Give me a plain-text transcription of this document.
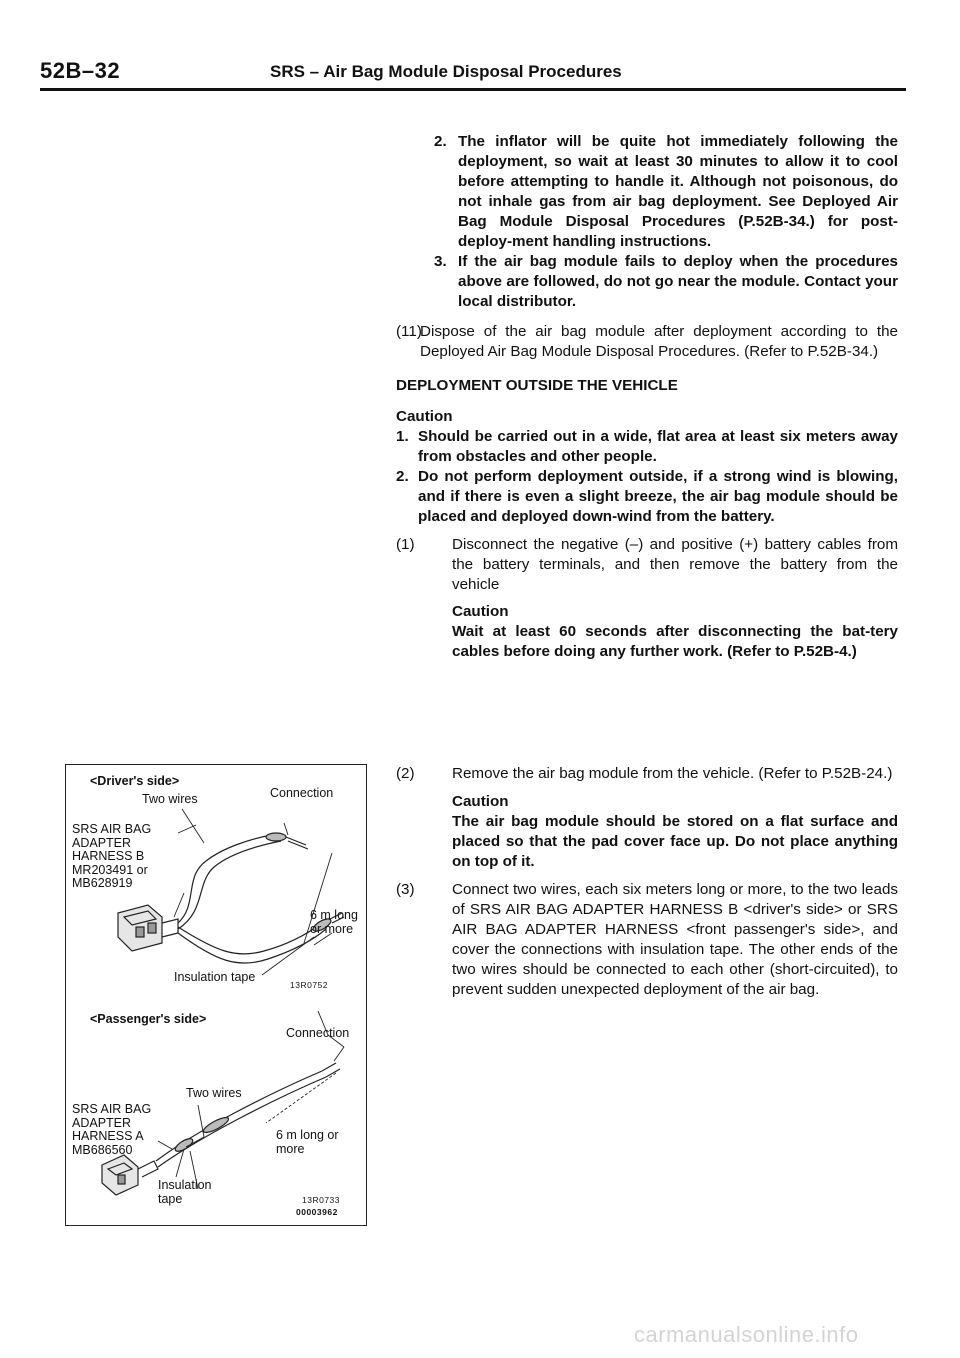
52B–32	SRS – Air Bag Module Disposal Procedures
2. The inflator will be quite hot immediately following the deployment, so wait at least 30 minutes to allow it to cool before attempting to handle it. Although not poisonous, do not inhale gas from air bag deployment. See Deployed Air Bag Module Disposal Procedures (P.52B-34.) for post-deploy-ment handling instructions.
3. If the air bag module fails to deploy when the procedures above are followed, do not go near the module. Contact your local distributor.
(11)
Dispose of the air bag module after deployment according to the Deployed Air Bag Module Disposal Procedures. (Refer to P.52B-34.)
DEPLOYMENT OUTSIDE THE VEHICLE
Caution
1. Should be carried out in a wide, flat area at least six meters away from obstacles and other people.
2. Do not perform deployment outside, if a strong wind is blowing, and if there is even a slight breeze, the air bag module should be placed and deployed down-wind from the battery.
(1) Disconnect the negative (–) and positive (+) battery cables from the battery terminals, and then remove the battery from the vehicle
Caution
Wait at least 60 seconds after disconnecting the bat-tery cables before doing any further work. (Refer to P.52B-4.)
(2) Remove the air bag module from the vehicle. (Refer to P.52B-24.)
Caution
The air bag module should be stored on a flat surface and placed so that the pad cover face up. Do not place anything on top of it.
(3) Connect two wires, each six meters long or more, to the two leads of SRS AIR BAG ADAPTER HARNESS B <driver's side> or SRS AIR BAG ADAPTER HARNESS <front passenger's side>, and cover the connections with insulation tape. The other ends of the two wires should be connected to each other (short-circuited), to prevent sudden unexpected deployment of the air bag.
<Driver's side>
Two wires	Connection
SRS AIR BAG
ADAPTER
HARNESS B
MR203491 or
MB628919
6 m long
or more
Insulation tape
13R0752
<Passenger's side>
Connection
Two wires
SRS AIR BAG
ADAPTER
HARNESS A
MB686560
6 m long or
more
Insulation
tape	13R0733
00003962
carmanualsonline.info
